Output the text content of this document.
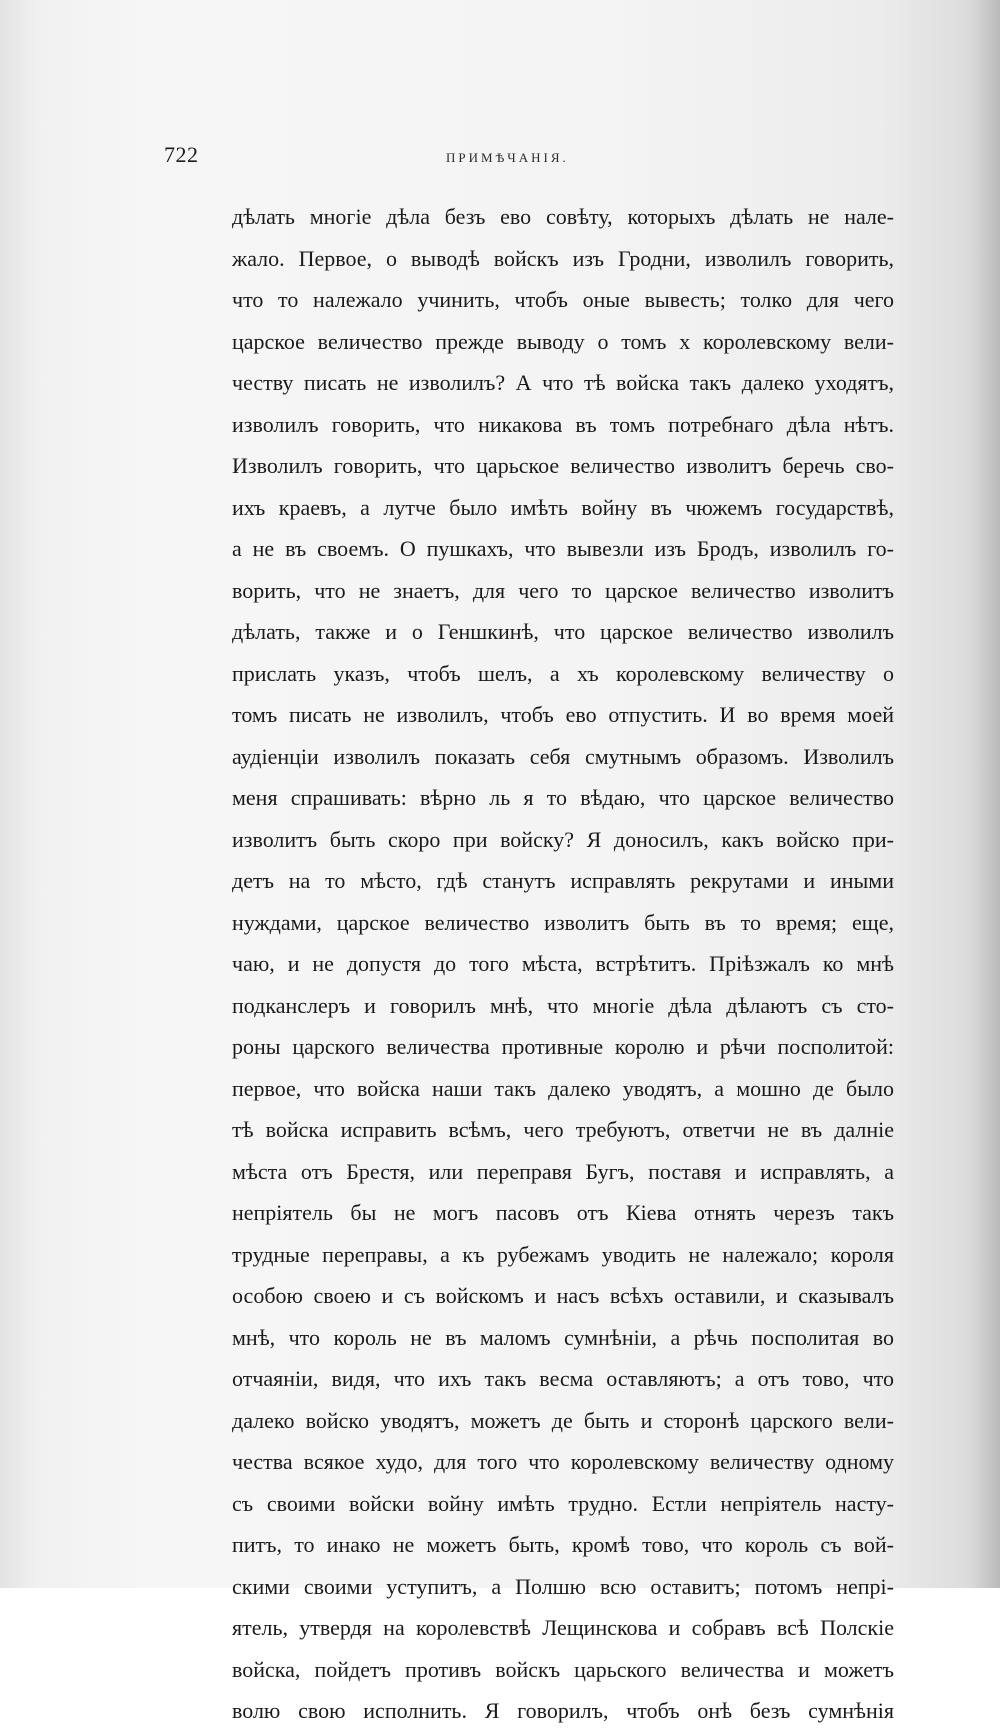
722	ПРИМѢЧАНІЯ.
дѣлать многіе дѣла безъ ево совѣту, которыхъ дѣлать не нале-
жало. Первое, о выводѣ войскъ изъ Гродни, изволилъ говорить,
что то належало учинить, чтобъ оные вывесть; толко для чего
царское величество прежде выводу о томъ х королевскому вели-
честву писать не изволилъ? А что тѣ войска такъ далеко уходятъ,
изволилъ говорить, что никакова въ томъ потребнаго дѣла нѣтъ.
Изволилъ говорить, что царьское величество изволитъ беречь сво-
ихъ краевъ, а лутче было имѣть войну въ чюжемъ государствѣ,
а не въ своемъ. О пушкахъ, что вывезли изъ Бродъ, изволилъ го-
ворить, что не знаетъ, для чего то царское величество изволитъ
дѣлать, также и о Геншкинѣ, что царское величество изволилъ
прислать указъ, чтобъ шелъ, а хъ королевскому величеству о
томъ писать не изволилъ, чтобъ ево отпустить. И во время моей
аудіенціи изволилъ показать себя смутнымъ образомъ. Изволилъ
меня спрашивать: вѣрно ль я то вѣдаю, что царское величество
изволитъ быть скоро при войску? Я доносилъ, какъ войско при-
детъ на то мѣсто, гдѣ станутъ исправлять рекрутами и иными
нуждами, царское величество изволитъ быть въ то время; еще,
чаю, и не допустя до того мѣста, встрѣтитъ. Пріѣзжалъ ко мнѣ
подканслеръ и говорилъ мнѣ, что многіе дѣла дѣлаютъ съ сто-
роны царского величества противные королю и рѣчи посполитой:
первое, что войска наши такъ далеко уводятъ, а мошно де было
тѣ войска исправить всѣмъ, чего требуютъ, ответчи не въ далніе
мѣста отъ Брестя, или переправя Бугъ, поставя и исправлять, а
непріятель бы не могъ пасовъ отъ Кіева отнять черезъ такъ
трудные переправы, а къ рубежамъ уводить не належало; короля
особою своею и съ войскомъ и насъ всѣхъ оставили, и сказывалъ
мнѣ, что король не въ маломъ сумнѣніи, а рѣчь посполитая во
отчаяніи, видя, что ихъ такъ весма оставляютъ; а отъ тово, что
далеко войско уводятъ, можетъ де быть и сторонѣ царского вели-
чества всякое худо, для того что королевскому величеству одному
съ своими войски войну имѣть трудно. Естли непріятель насту-
питъ, то инако не можетъ быть, кромѣ тово, что король съ вой-
скими своими уступитъ, а Полшю всю оставитъ; потомъ непрі-
ятель, утвердя на королевствѣ Лещинскова и собравъ всѣ Полскіе
войска, пойдетъ противъ войскъ царьского величества и можетъ
волю свою исполнить. Я говорилъ, чтобъ онѣ безъ сумнѣнія
